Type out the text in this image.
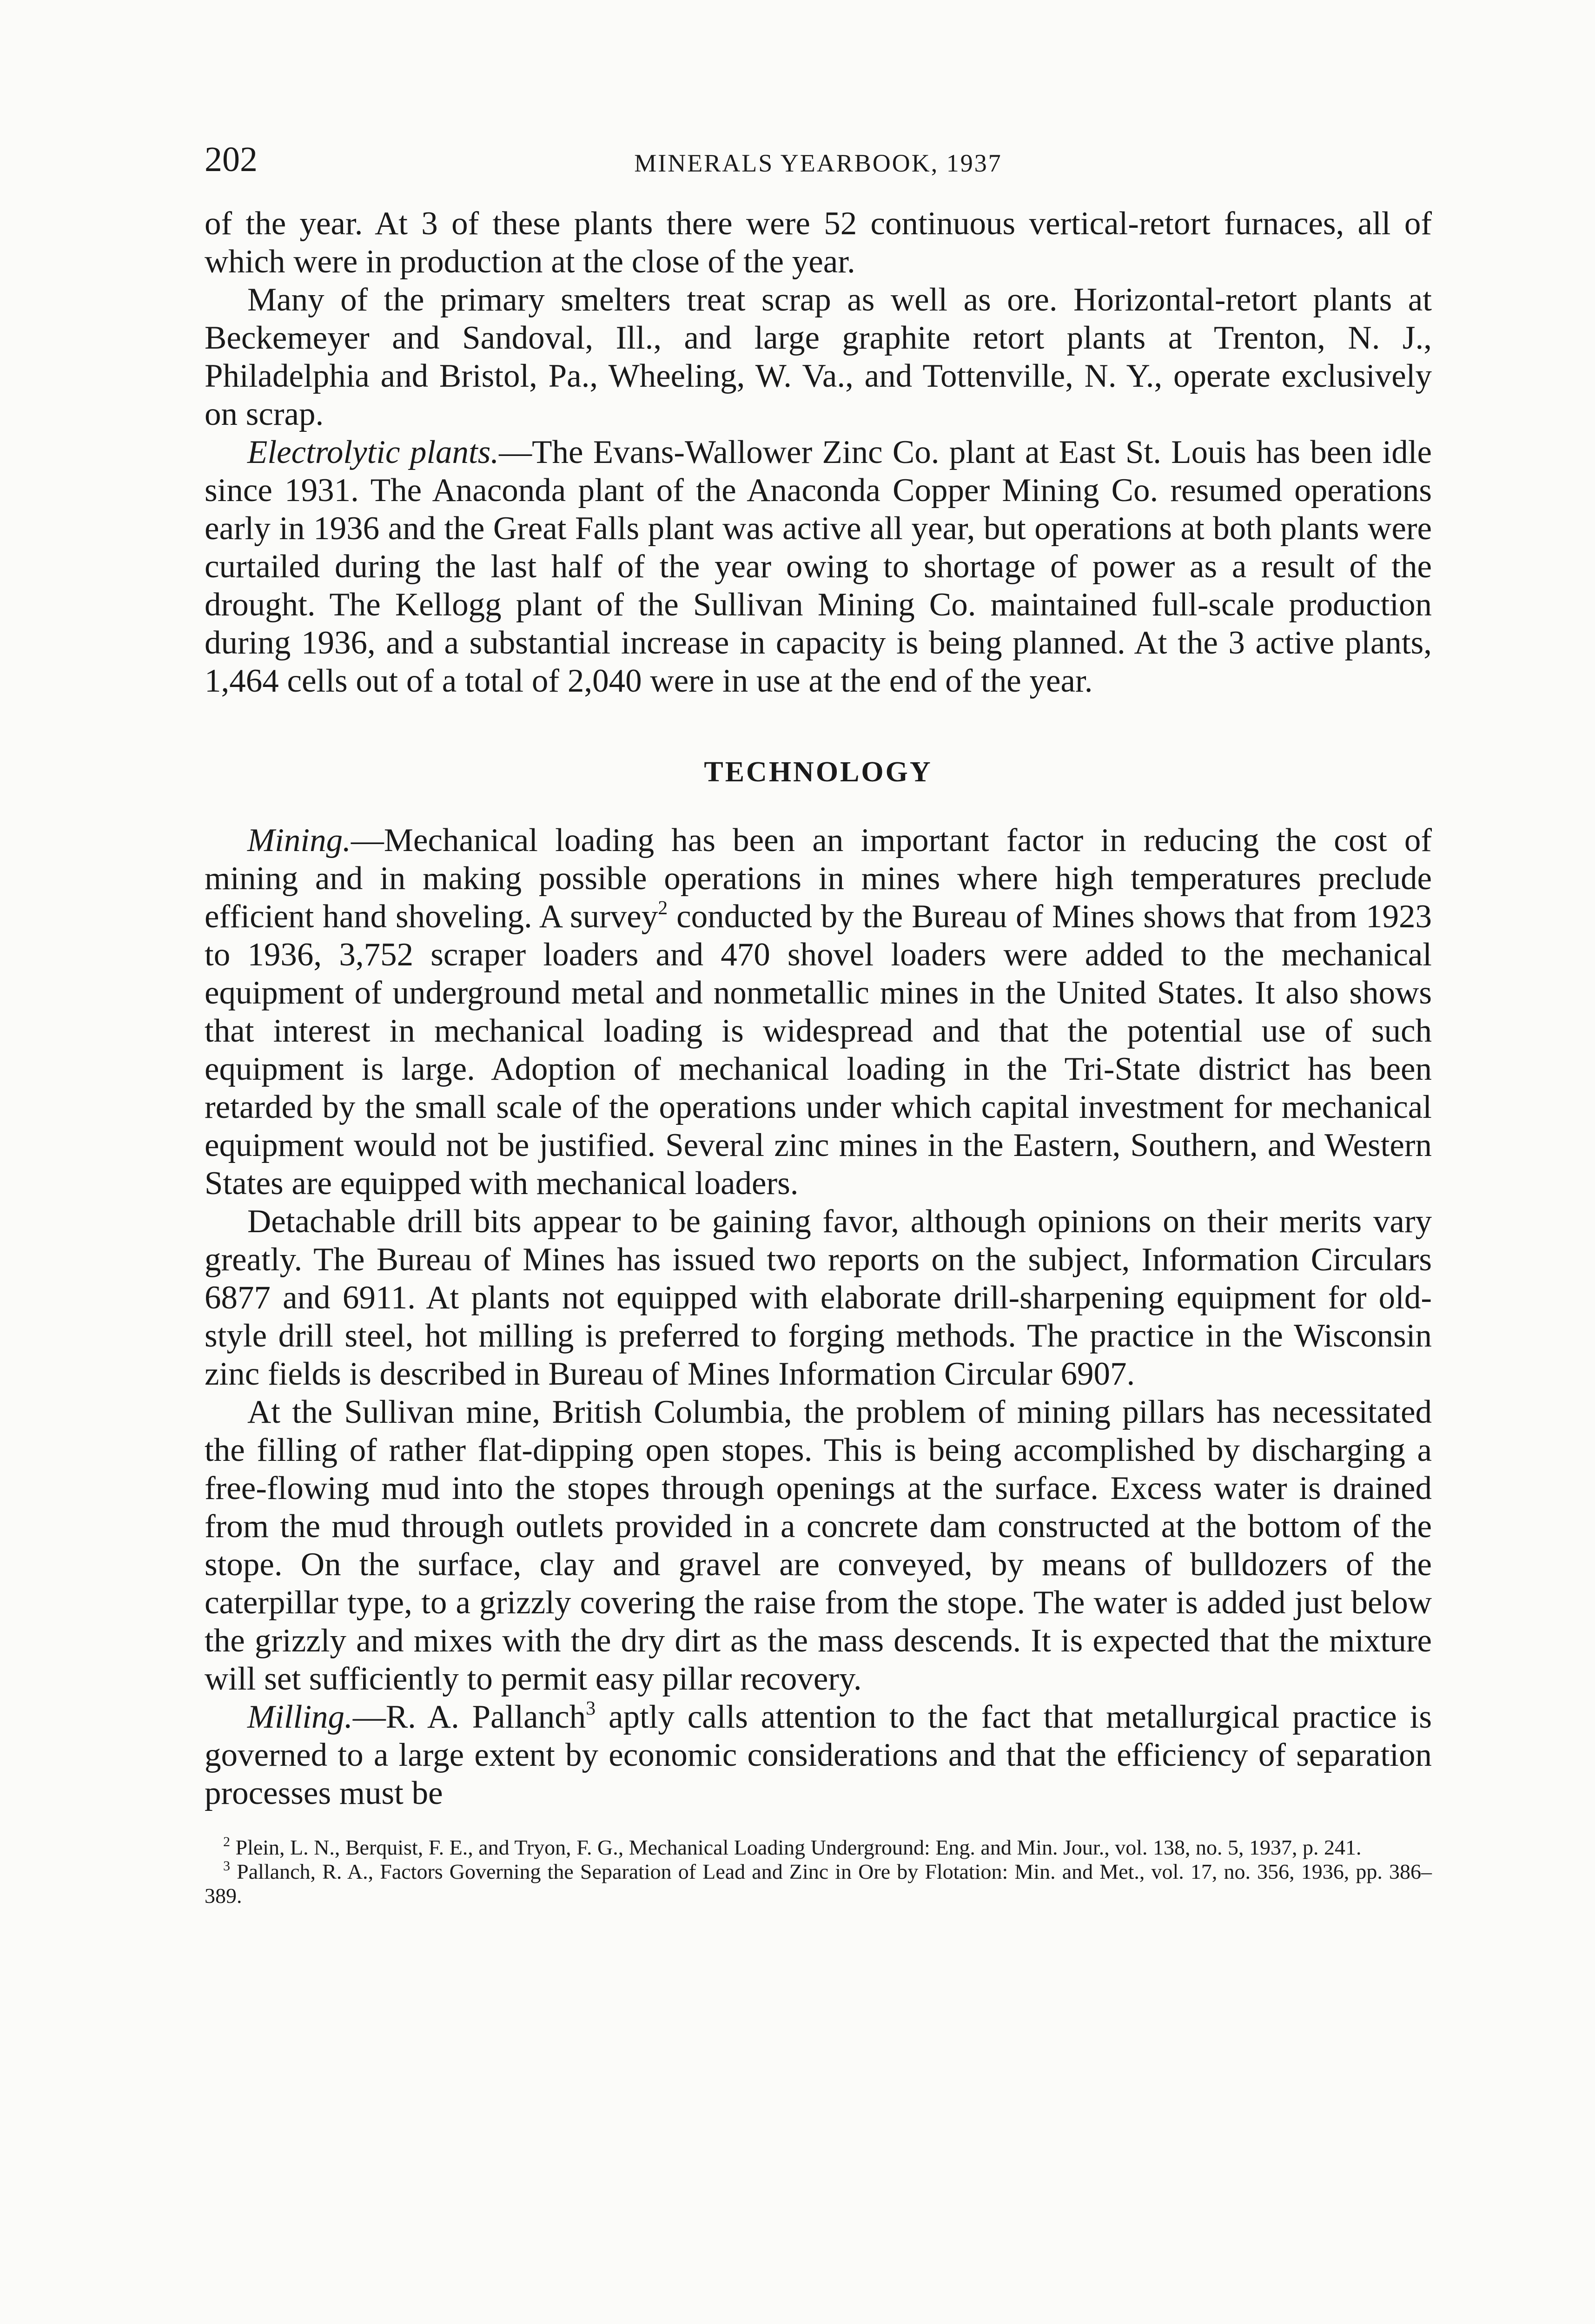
202	MINERALS YEARBOOK, 1937

of the year. At 3 of these plants there were 52 continuous vertical-retort furnaces, all of which were in production at the close of the year.

Many of the primary smelters treat scrap as well as ore. Horizontal-retort plants at Beckemeyer and Sandoval, Ill., and large graphite retort plants at Trenton, N. J., Philadelphia and Bristol, Pa., Wheeling, W. Va., and Tottenville, N. Y., operate exclusively on scrap.

Electrolytic plants.—The Evans-Wallower Zinc Co. plant at East St. Louis has been idle since 1931. The Anaconda plant of the Anaconda Copper Mining Co. resumed operations early in 1936 and the Great Falls plant was active all year, but operations at both plants were curtailed during the last half of the year owing to shortage of power as a result of the drought. The Kellogg plant of the Sullivan Mining Co. maintained full-scale production during 1936, and a substantial increase in capacity is being planned. At the 3 active plants, 1,464 cells out of a total of 2,040 were in use at the end of the year.

TECHNOLOGY

Mining.—Mechanical loading has been an important factor in reducing the cost of mining and in making possible operations in mines where high temperatures preclude efficient hand shoveling. A survey$^2$ conducted by the Bureau of Mines shows that from 1923 to 1936, 3,752 scraper loaders and 470 shovel loaders were added to the mechanical equipment of underground metal and nonmetallic mines in the United States. It also shows that interest in mechanical loading is widespread and that the potential use of such equipment is large. Adoption of mechanical loading in the Tri-State district has been retarded by the small scale of the operations under which capital investment for mechanical equipment would not be justified. Several zinc mines in the Eastern, Southern, and Western States are equipped with mechanical loaders.

Detachable drill bits appear to be gaining favor, although opinions on their merits vary greatly. The Bureau of Mines has issued two reports on the subject, Information Circulars 6877 and 6911. At plants not equipped with elaborate drill-sharpening equipment for old-style drill steel, hot milling is preferred to forging methods. The practice in the Wisconsin zinc fields is described in Bureau of Mines Information Circular 6907.

At the Sullivan mine, British Columbia, the problem of mining pillars has necessitated the filling of rather flat-dipping open stopes. This is being accomplished by discharging a free-flowing mud into the stopes through openings at the surface. Excess water is drained from the mud through outlets provided in a concrete dam constructed at the bottom of the stope. On the surface, clay and gravel are conveyed, by means of bulldozers of the caterpillar type, to a grizzly covering the raise from the stope. The water is added just below the grizzly and mixes with the dry dirt as the mass descends. It is expected that the mixture will set sufficiently to permit easy pillar recovery.

Milling.—R. A. Pallanch$^3$ aptly calls attention to the fact that metallurgical practice is governed to a large extent by economic considerations and that the efficiency of separation processes must be

$^2$ Plein, L. N., Berquist, F. E., and Tryon, F. G., Mechanical Loading Underground: Eng. and Min. Jour., vol. 138, no. 5, 1937, p. 241.

$^3$ Pallanch, R. A., Factors Governing the Separation of Lead and Zinc in Ore by Flotation: Min. and Met., vol. 17, no. 356, 1936, pp. 386–389.
